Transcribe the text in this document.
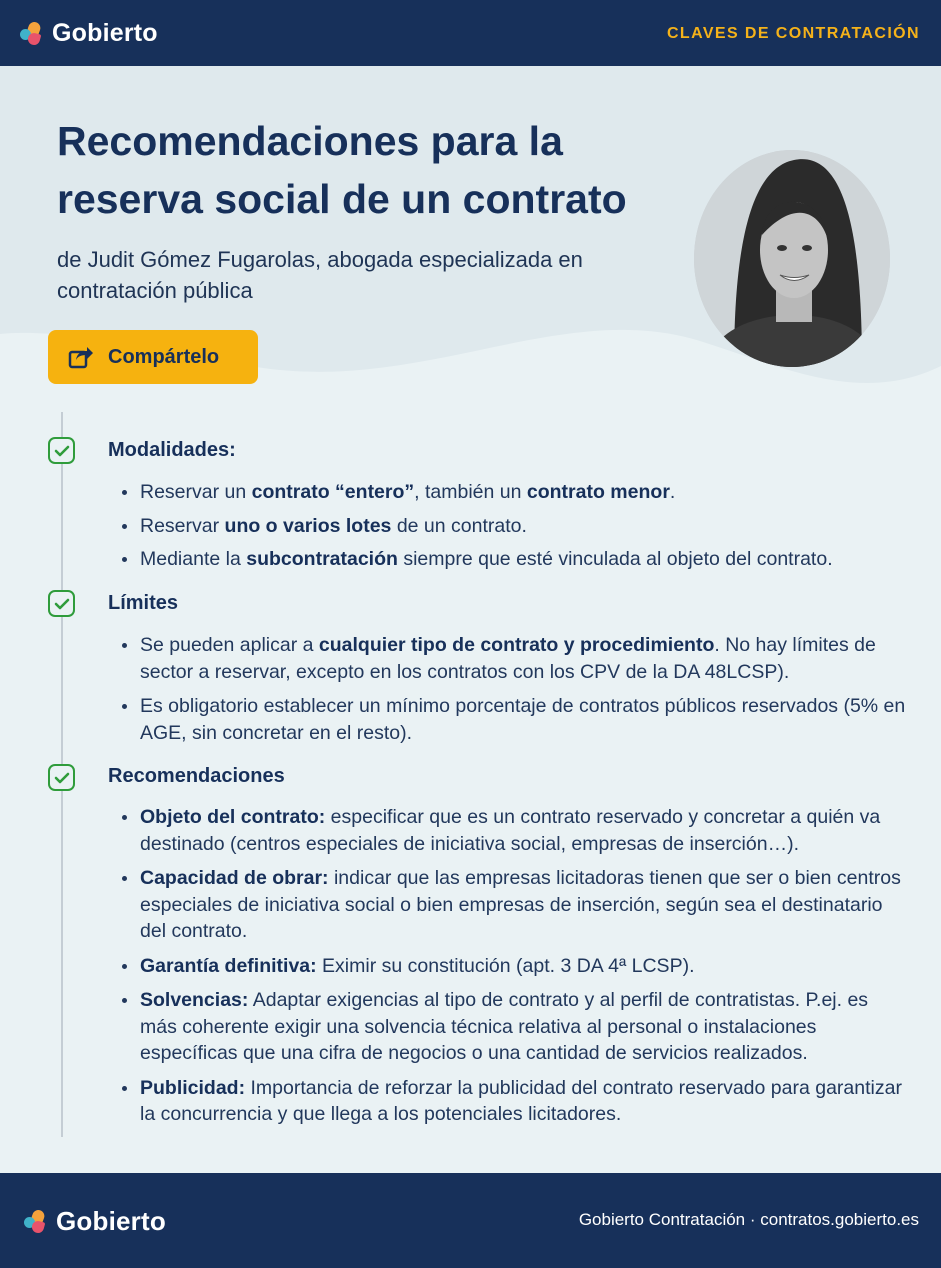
Gobierto	CLAVES DE CONTRATACIÓN
Recomendaciones para la reserva social de un contrato

de Judit Gómez Fugarolas, abogada especializada en contratación pública

Compártelo
Modalidades:
Reservar un contrato “entero”, también un contrato menor.
Reservar uno o varios lotes de un contrato.
Mediante la subcontratación siempre que esté vinculada al objeto del contrato.
Límites
Se pueden aplicar a cualquier tipo de contrato y procedimiento. No hay límites de sector a reservar, excepto en los contratos con los CPV de la DA 48LCSP).
Es obligatorio establecer un mínimo porcentaje de contratos públicos reservados (5% en AGE, sin concretar en el resto).
Recomendaciones
Objeto del contrato: especificar que es un contrato reservado y concretar a quién va destinado (centros especiales de iniciativa social, empresas de inserción…).
Capacidad de obrar: indicar que las empresas licitadoras tienen que ser o bien centros especiales de iniciativa social o bien empresas de inserción, según sea el destinatario del contrato.
Garantía definitiva: Eximir su constitución (apt. 3 DA 4ª LCSP).
Solvencias: Adaptar exigencias al tipo de contrato y al perfil de contratistas. P.ej. es más coherente exigir una solvencia técnica relativa al personal o instalaciones específicas que una cifra de negocios o una cantidad de servicios realizados.
Publicidad: Importancia de reforzar la publicidad del contrato reservado para garantizar la concurrencia y que llega a los potenciales licitadores.
Gobierto	Gobierto Contratación · contratos.gobierto.es
